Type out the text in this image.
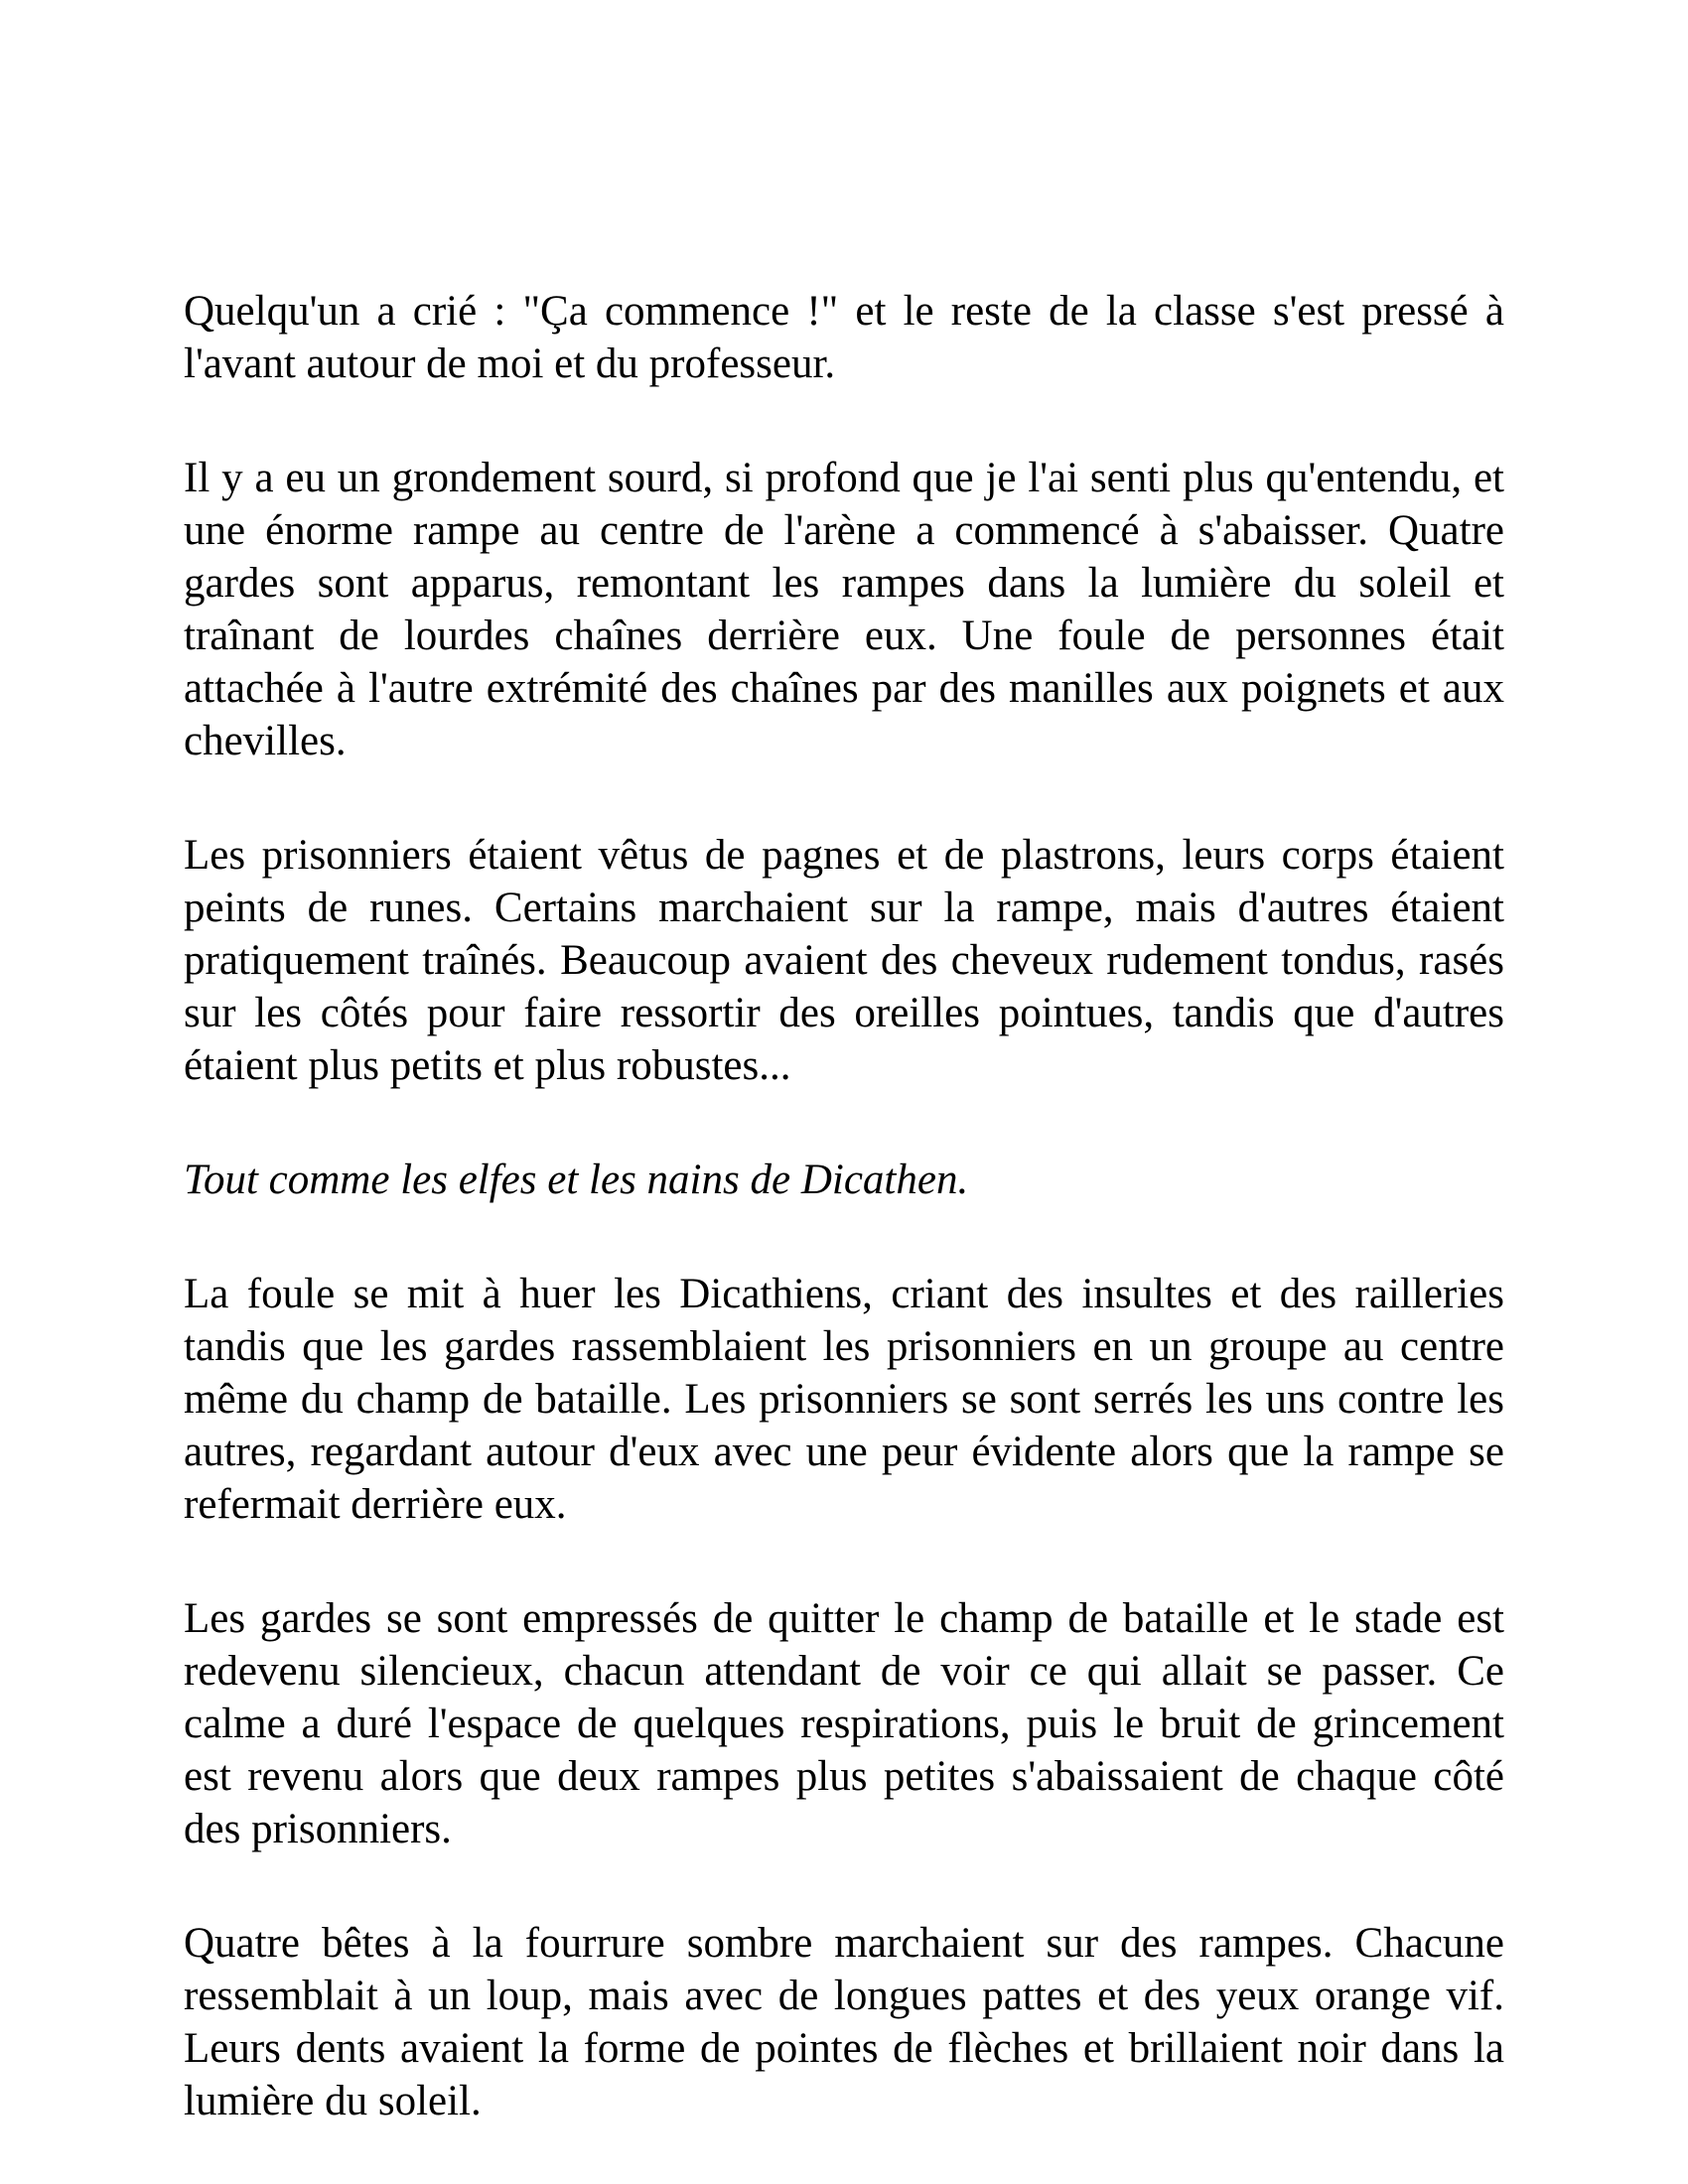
Quelqu'un a crié : "Ça commence !" et le reste de la classe s'est pressé à l'avant autour de moi et du professeur.

Il y a eu un grondement sourd, si profond que je l'ai senti plus qu'entendu, et une énorme rampe au centre de l'arène a commencé à s'abaisser. Quatre gardes sont apparus, remontant les rampes dans la lumière du soleil et traînant de lourdes chaînes derrière eux. Une foule de personnes était attachée à l'autre extrémité des chaînes par des manilles aux poignets et aux chevilles.

Les prisonniers étaient vêtus de pagnes et de plastrons, leurs corps étaient peints de runes. Certains marchaient sur la rampe, mais d'autres étaient pratiquement traînés. Beaucoup avaient des cheveux rudement tondus, rasés sur les côtés pour faire ressortir des oreilles pointues, tandis que d'autres étaient plus petits et plus robustes...

Tout comme les elfes et les nains de Dicathen.

La foule se mit à huer les Dicathiens, criant des insultes et des railleries tandis que les gardes rassemblaient les prisonniers en un groupe au centre même du champ de bataille. Les prisonniers se sont serrés les uns contre les autres, regardant autour d'eux avec une peur évidente alors que la rampe se refermait derrière eux.

Les gardes se sont empressés de quitter le champ de bataille et le stade est redevenu silencieux, chacun attendant de voir ce qui allait se passer. Ce calme a duré l'espace de quelques respirations, puis le bruit de grincement est revenu alors que deux rampes plus petites s'abaissaient de chaque côté des prisonniers.

Quatre bêtes à la fourrure sombre marchaient sur des rampes. Chacune ressemblait à un loup, mais avec de longues pattes et des yeux orange vif. Leurs dents avaient la forme de pointes de flèches et brillaient noir dans la lumière du soleil.
